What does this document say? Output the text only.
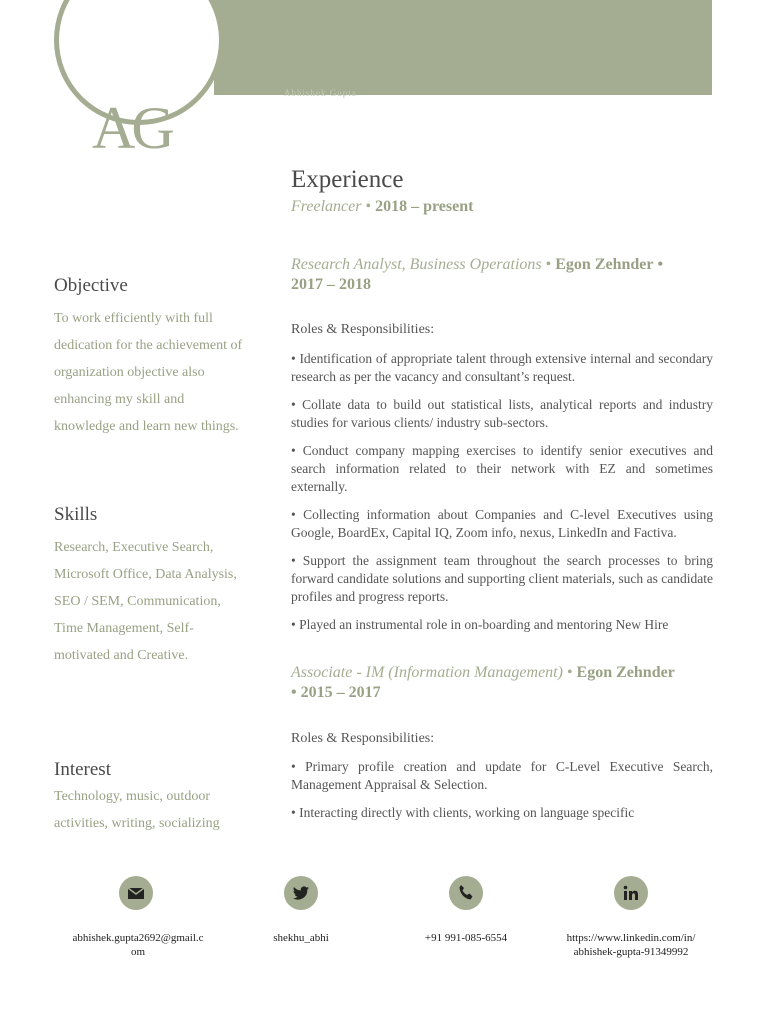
Abhishek Gupta
AG
Experience
Freelancer • 2018 – present
Research Analyst, Business Operations • Egon Zehnder •
2017 – 2018
Roles & Responsibilities:

• Identification of appropriate talent through extensive internal and secondary research as per the vacancy and consultant’s request.

• Collate data to build out statistical lists, analytical reports and industry studies for various clients/ industry sub-sectors.

• Conduct company mapping exercises to identify senior executives and search information related to their network with EZ and sometimes externally.

• Collecting information about Companies and C-level Executives using Google, BoardEx, Capital IQ, Zoom info, nexus, LinkedIn and Factiva.

• Support the assignment team throughout the search processes to bring forward candidate solutions and supporting client materials, such as candidate profiles and progress reports.

• Played an instrumental role in on-boarding and mentoring New Hire

Associate - IM (Information Management) • Egon Zehnder
• 2015 – 2017
Roles & Responsibilities:

• Primary profile creation and update for C-Level Executive Search, Management Appraisal & Selection.

• Interacting directly with clients, working on language specific

Objective

To work efficiently with full dedication for the achievement of organization objective also enhancing my skill and knowledge and learn new things.

Skills

Research, Executive Search, Microsoft Office, Data Analysis, SEO / SEM, Communication, Time Management, Self-motivated and Creative.

Interest

Technology, music, outdoor activities, writing, socializing

abhishek.gupta2692@gmail.c
om
shekhu_abhi	+91 991-085-6554	https://www.linkedin.com/in/
abhishek-gupta-91349992
